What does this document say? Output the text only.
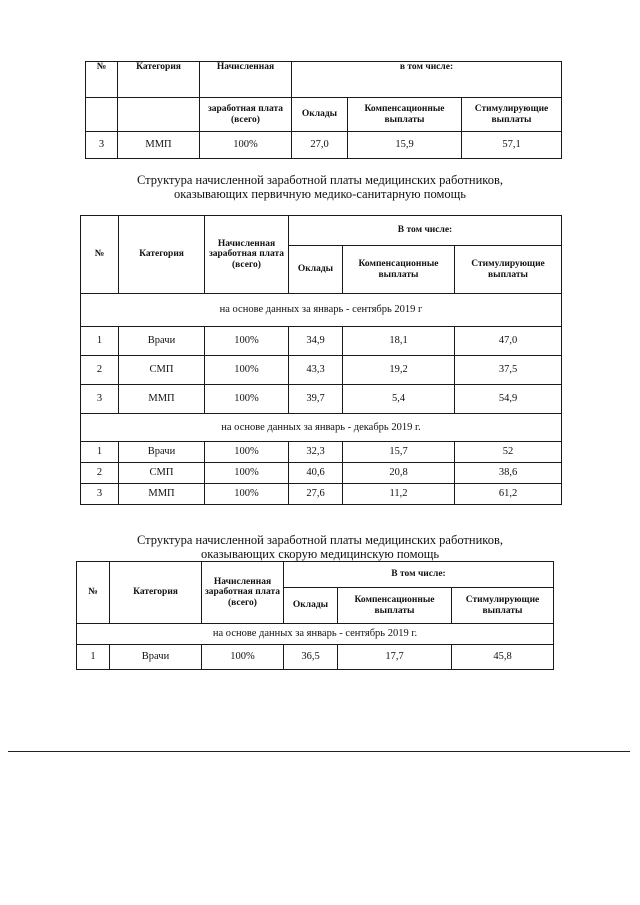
№	Категория	Начисленная	в том числе:		
		заработная плата (всего)	Оклады	Компенсационные выплаты	Стимулирующие выплаты
3	ММП	100%	27,0	15,9	57,1
Структура начисленной заработной платы медицинских работников,
оказывающих первичную медико-санитарную помощь
№	Категория	Начисленная заработная плата (всего)	В том числе:		
			Оклады	Компенсационные выплаты	Стимулирующие выплаты
на основе данных за январь - сентябрь 2019 г					
1	Врачи	100%	34,9	18,1	47,0
2	СМП	100%	43,3	19,2	37,5
3	ММП	100%	39,7	5,4	54,9
на основе данных за январь - декабрь 2019 г.					
1	Врачи	100%	32,3	15,7	52
2	СМП	100%	40,6	20,8	38,6
3	ММП	100%	27,6	11,2	61,2
Структура начисленной заработной платы медицинских работников,
оказывающих скорую медицинскую помощь
№	Категория	Начисленная заработная плата (всего)	В том числе:		
			Оклады	Компенсационные выплаты	Стимулирующие выплаты
на основе данных за январь - сентябрь 2019 г.					
1	Врачи	100%	36,5	17,7	45,8
